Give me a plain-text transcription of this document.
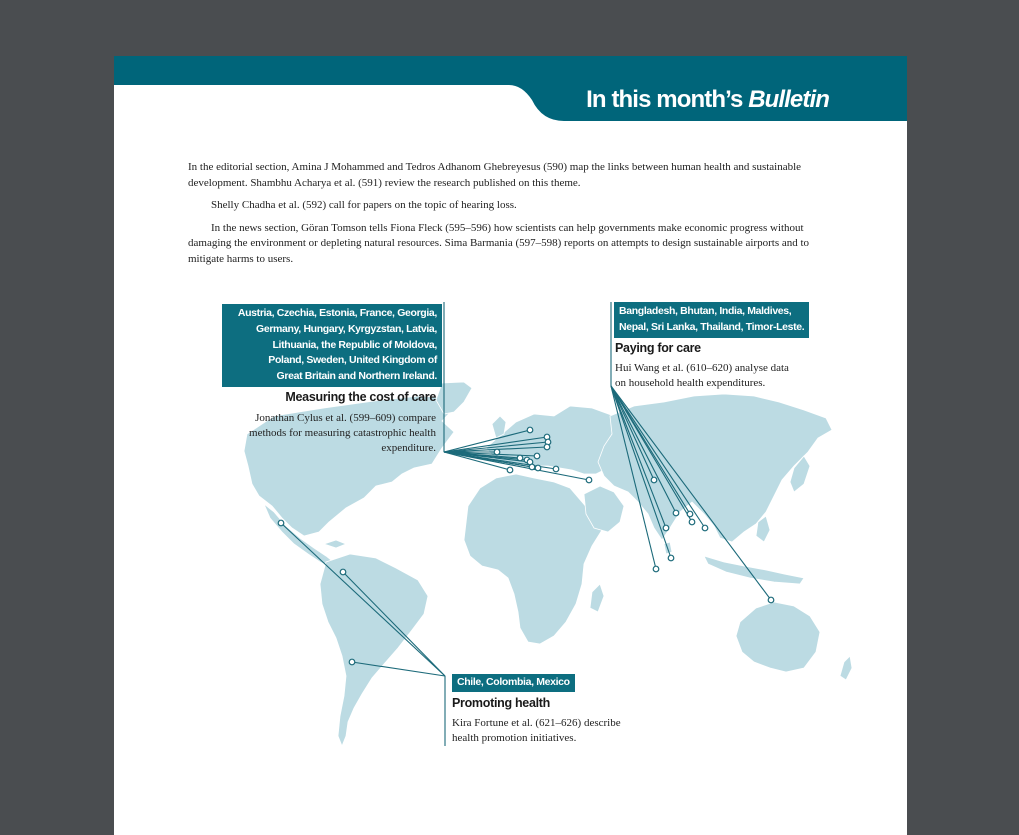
In this month’s Bulletin

In the editorial section, Amina J Mohammed and Tedros Adhanom Ghebreyesus (590) map the links between human health and sustainable development. Shambhu Acharya et al. (591) review the research published on this theme.

Shelly Chadha et al. (592) call for papers on the topic of hearing loss.

In the news section, Göran Tomson tells Fiona Fleck (595–596) how scientists can help governments make economic progress without damaging the environment or depleting natural resources. Sima Barmania (597–598) reports on attempts to design sustainable airports and to mitigate harms to users.

Austria, Czechia, Estonia, France, Georgia,
Germany, Hungary, Kyrgyzstan, Latvia,
Lithuania, the Republic of Moldova,
Poland, Sweden, United Kingdom of
Great Britain and Northern Ireland.
Measuring the cost of care
Jonathan Cylus et al. (599–609) compare
methods for measuring catastrophic health
expenditure.
Bangladesh, Bhutan, India, Maldives,
Nepal, Sri Lanka, Thailand, Timor-Leste.
Paying for care
Hui Wang et al. (610–620) analyse data
on household health expenditures.
Chile, Colombia, Mexico
Promoting health
Kira Fortune et al. (621–626) describe
health promotion initiatives.
